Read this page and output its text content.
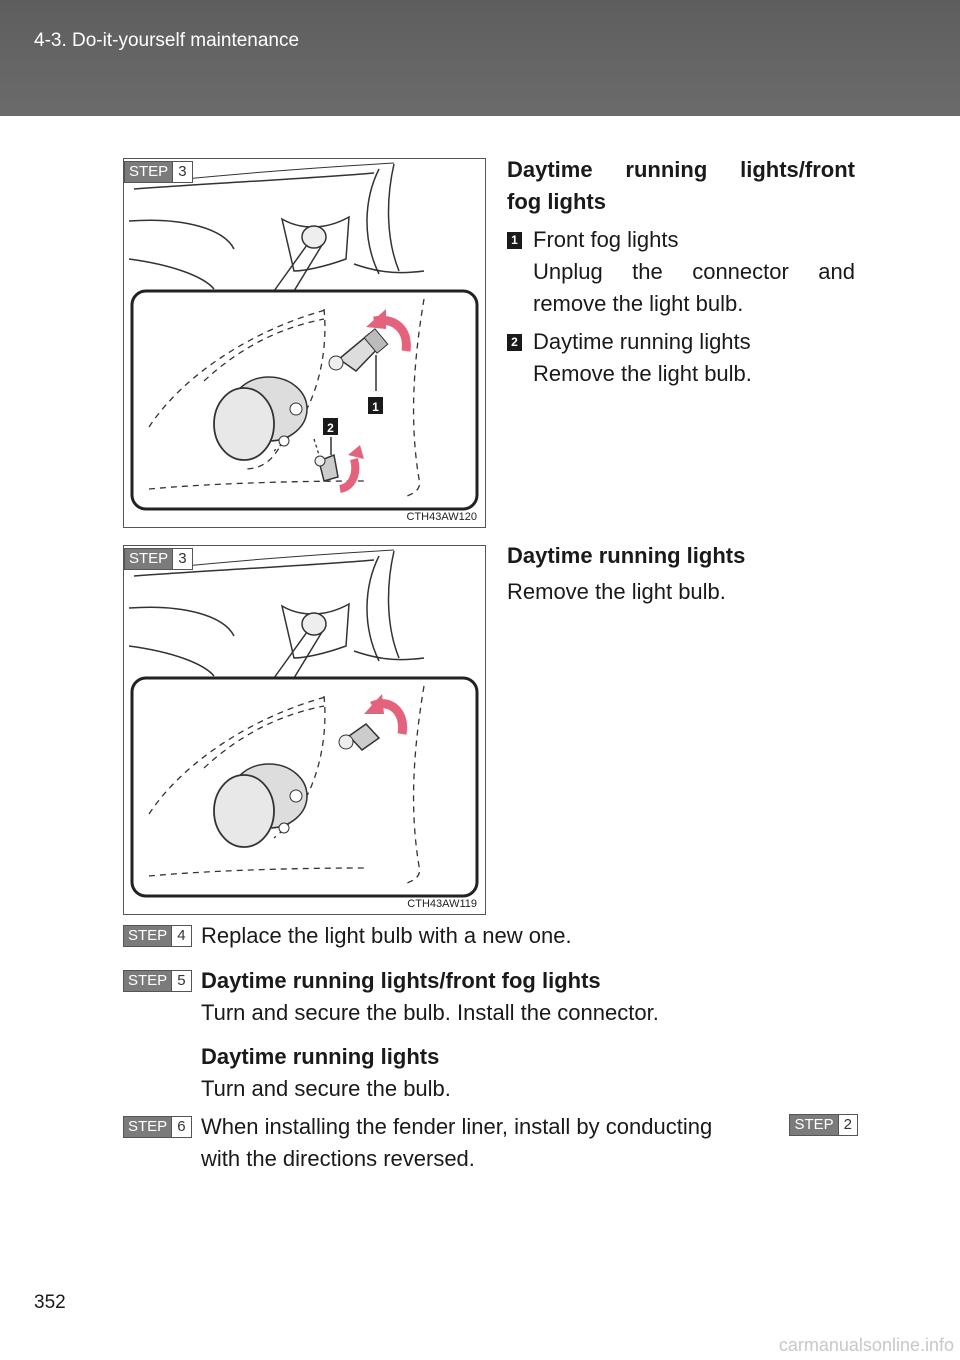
4-3. Do-it-yourself maintenance
1
2
STEP 3
CTH43AW120
Daytime running lights/front
fog lights
1 Front fog lights
Unplug the connector and
remove the light bulb.
2 Daytime running lights
Remove the light bulb.
STEP 3
CTH43AW119
Daytime running lights
Remove the light bulb.
STEP 4 Replace the light bulb with a new one.
STEP 5 Daytime running lights/front fog lights
Turn and secure the bulb. Install the connector.
Daytime running lights
Turn and secure the bulb.
STEP 6 When installing the fender liner, install by conducting	STEP 2
with the directions reversed.
352
carmanualsonline.info
